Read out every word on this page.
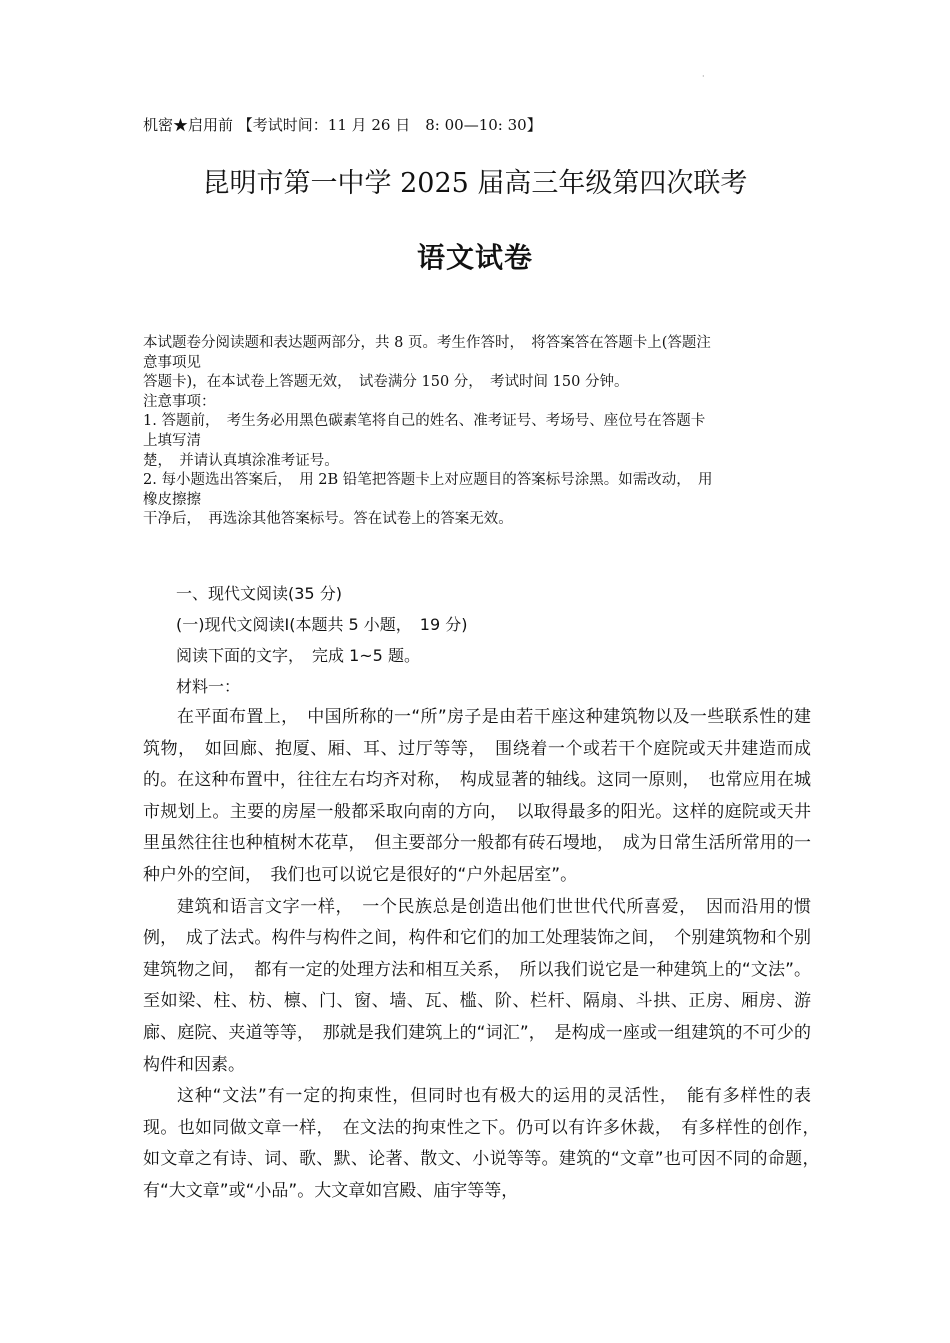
·
机密★启用前 【考试时间：11 月 26 日　8: 00—10: 30】
昆明市第一中学 2025 届高三年级第四次联考
语文试卷
本试题卷分阅读题和表达题两部分，共 8 页。考生作答时，　将答案答在答题卡上(答题注
意事项见
答题卡)，在本试卷上答题无效，　试卷满分 150 分，　考试时间 150 分钟。
注意事项：
1. 答题前，　考生务必用黑色碳素笔将自己的姓名、准考证号、考场号、座位号在答题卡
上填写清
楚，　并请认真填涂准考证号。
2. 每小题选出答案后，　用 2B 铅笔把答题卡上对应题目的答案标号涂黑。如需改动，　用
橡皮擦擦
干净后，　再选涂其他答案标号。答在试卷上的答案无效。
一、现代文阅读(35 分)
(一)现代文阅读Ⅰ(本题共 5 小题，　19 分)
阅读下面的文字，　完成 1~5 题。
材料一：

在平面布置上，　中国所称的一“所”房子是由若干座这种建筑物以及一些联系性的建筑物，　如回廊、抱厦、厢、耳、过厅等等，　围绕着一个或若干个庭院或天井建造而成的。在这种布置中，往往左右均齐对称，　构成显著的轴线。这同一原则，　也常应用在城市规划上。主要的房屋一般都采取向南的方向，　以取得最多的阳光。这样的庭院或天井里虽然往往也种植树木花草，　但主要部分一般都有砖石墁地，　成为日常生活所常用的一种户外的空间，　我们也可以说它是很好的“户外起居室”。

建筑和语言文字一样，　一个民族总是创造出他们世世代代所喜爱，　因而沿用的惯例，　成了法式。构件与构件之间，构件和它们的加工处理装饰之间，　个别建筑物和个别建筑物之间，　都有一定的处理方法和相互关系，　所以我们说它是一种建筑上的“文法”。至如梁、柱、枋、檩、门、窗、墙、瓦、槛、阶、栏杆、隔扇、斗拱、正房、厢房、游廊、庭院、夹道等等，　那就是我们建筑上的“词汇”，　是构成一座或一组建筑的不可少的构件和因素。

这种“文法”有一定的拘束性，但同时也有极大的运用的灵活性，　能有多样性的表现。也如同做文章一样，　在文法的拘束性之下。仍可以有许多休裁，　有多样性的创作，　如文章之有诗、词、歌、默、论著、散文、小说等等。建筑的“文章”也可因不同的命题，　有“大文章”或“小品”。大文章如宫殿、庙宇等等，
